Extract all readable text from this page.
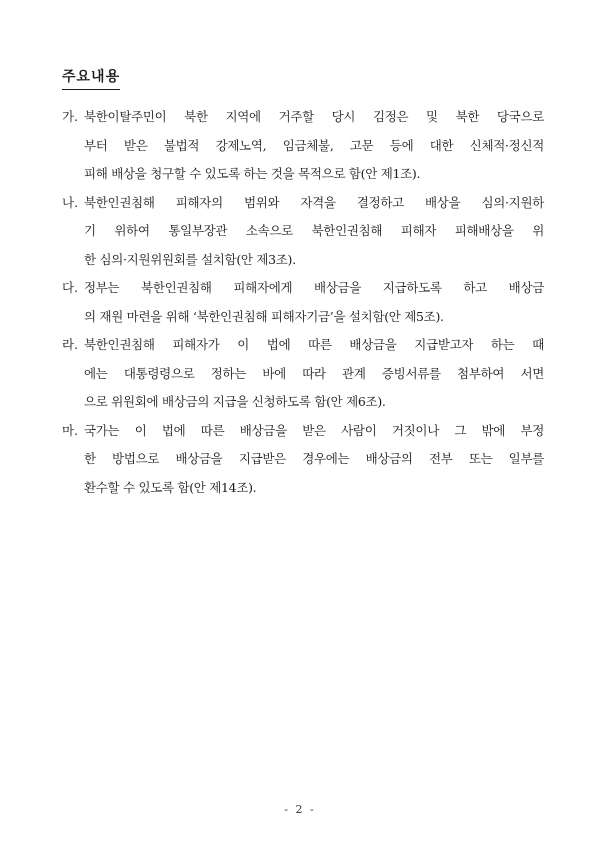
주요내용
가. 북한이탈주민이 북한 지역에 거주할 당시 김정은 및 북한 당국으로
부터 받은 불법적 강제노역, 임금체불, 고문 등에 대한 신체적·정신적
피해 배상을 청구할 수 있도록 하는 것을 목적으로 함(안 제1조).
나. 북한인권침해 피해자의 범위와 자격을 결정하고 배상을 심의·지원하
기 위하여 통일부장관 소속으로 북한인권침해 피해자 피해배상을 위
한 심의·지원위원회를 설치함(안 제3조).
다. 정부는 북한인권침해 피해자에게 배상금을 지급하도록 하고 배상금
의 재원 마련을 위해 ‘북한인권침해 피해자기금’을 설치함(안 제5조).
라. 북한인권침해 피해자가 이 법에 따른 배상금을 지급받고자 하는 때
에는 대통령령으로 정하는 바에 따라 관계 증빙서류를 첨부하여 서면
으로 위원회에 배상금의 지급을 신청하도록 함(안 제6조).
마. 국가는 이 법에 따른 배상금을 받은 사람이 거짓이나 그 밖에 부정
한 방법으로 배상금을 지급받은 경우에는 배상금의 전부 또는 일부를
환수할 수 있도록 함(안 제14조).
- 2 -
